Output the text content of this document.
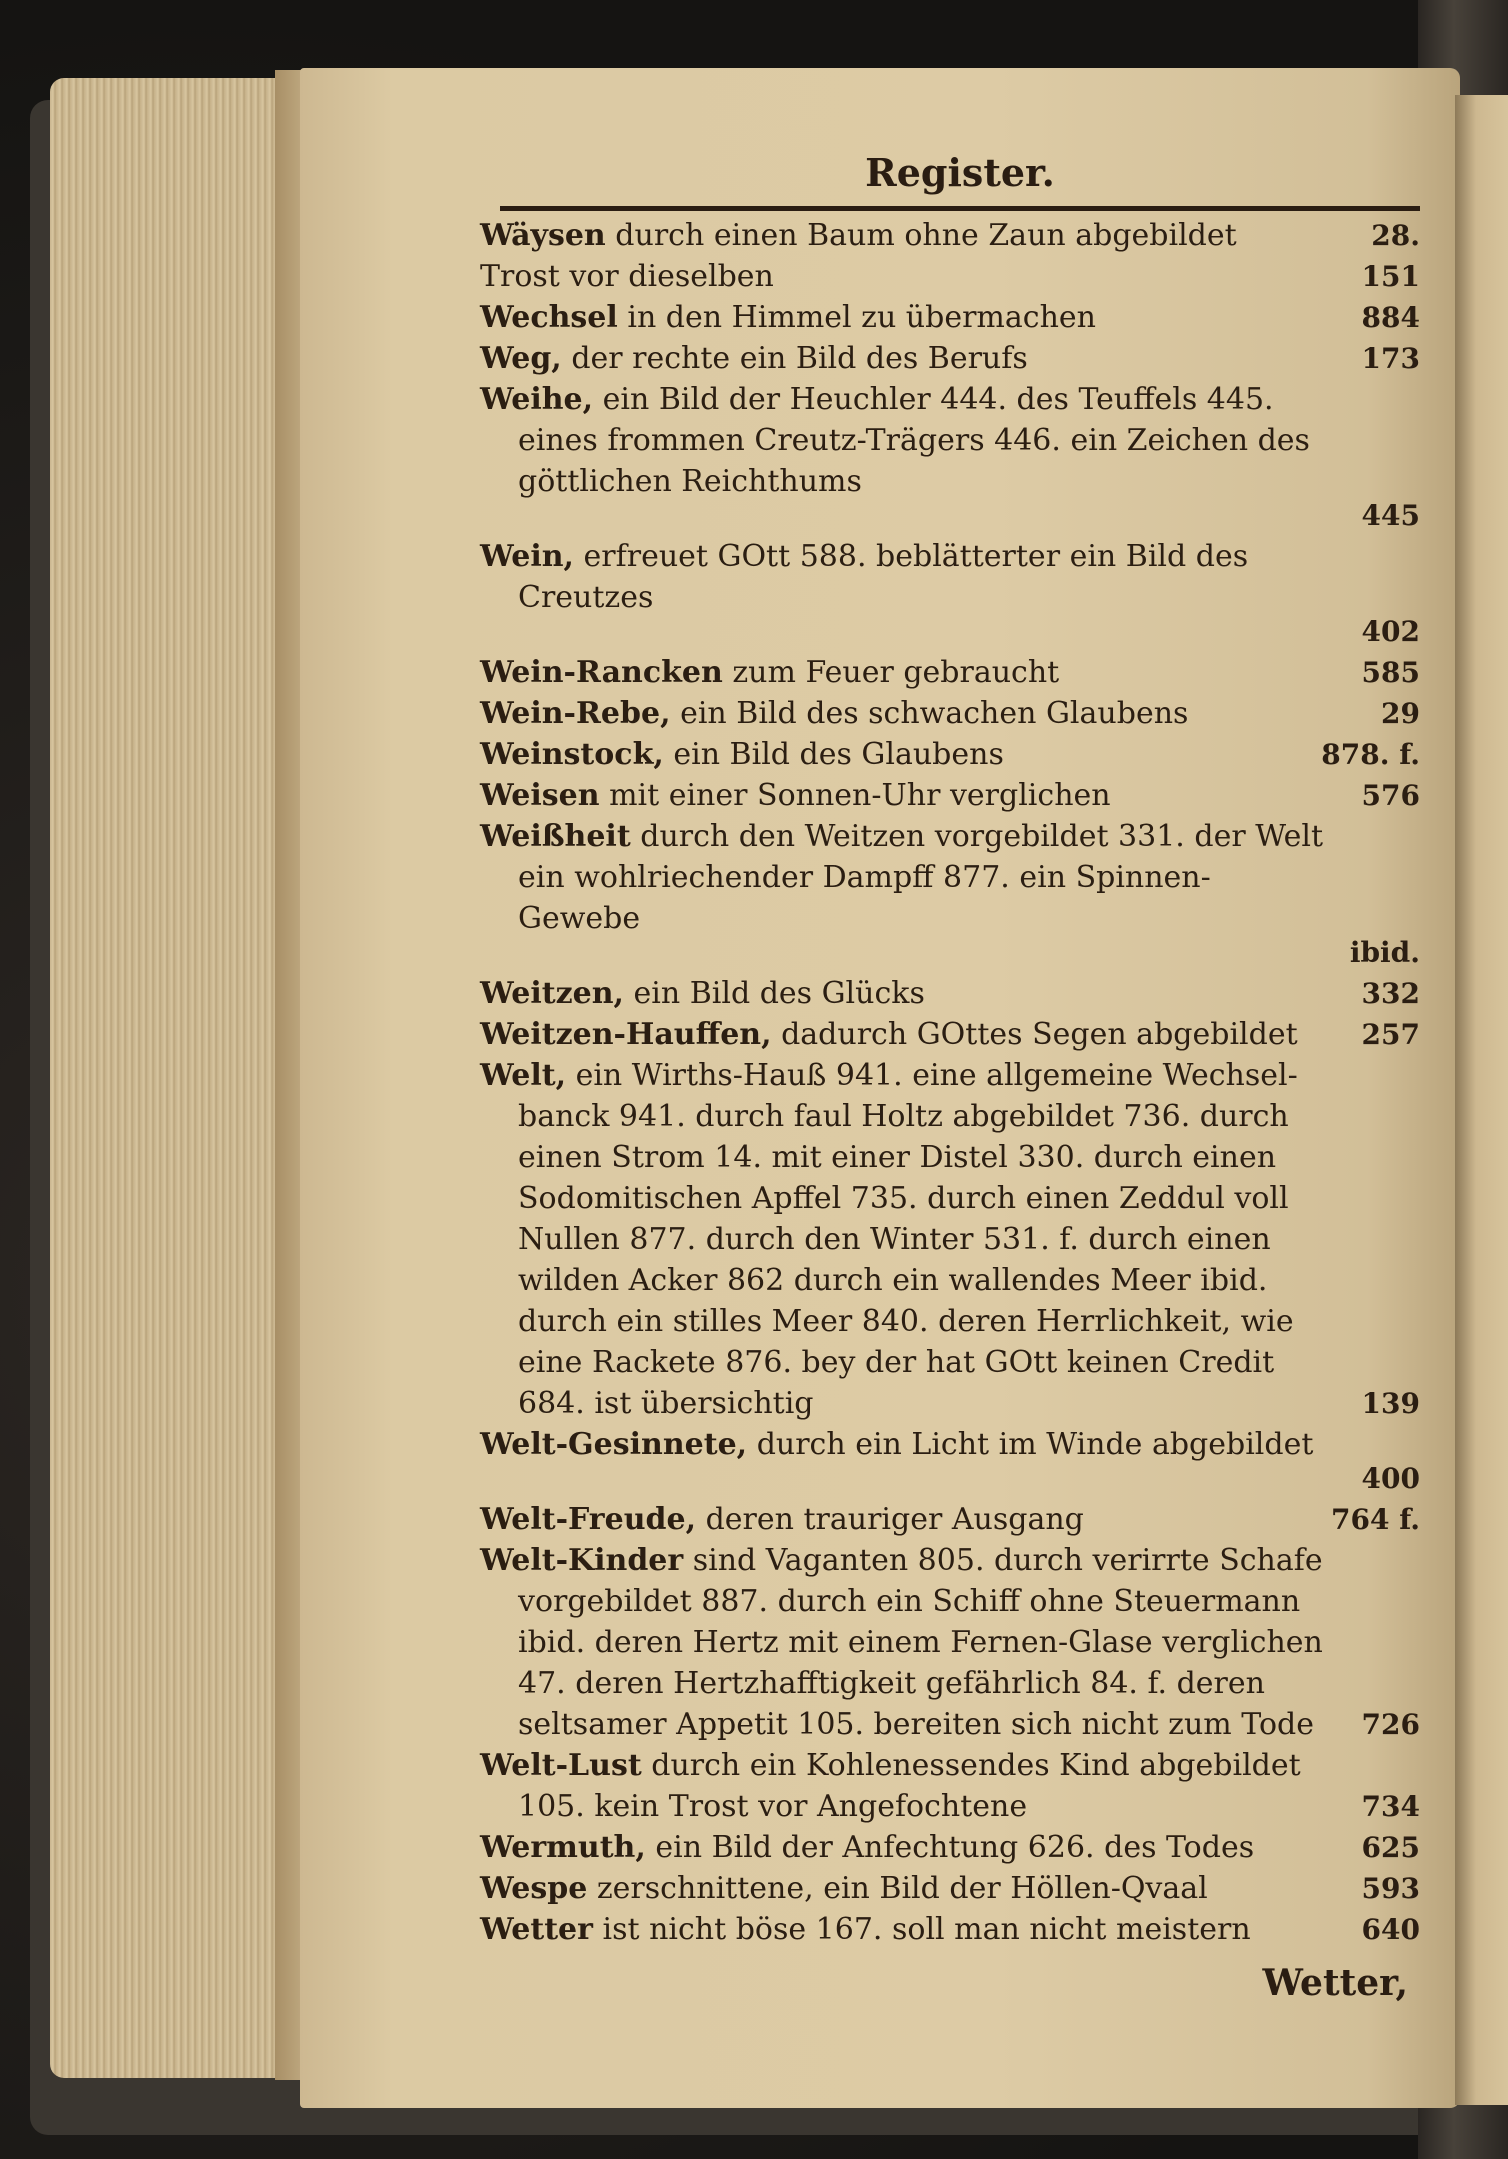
Register.
Wäysen durch einen Baum ohne Zaun abgebildet	28.
Trost vor dieselben	151
Wechsel in den Himmel zu übermachen	884
Weg, der rechte ein Bild des Berufs	173
Weihe, ein Bild der Heuchler 444. des Teuffels 445. eines frommen Creutz-Trägers 446. ein Zeichen des göttlichen Reichthums
445
Wein, erfreuet GOtt 588. beblätterter ein Bild des Creutzes
402
Wein-Rancken zum Feuer gebraucht	585
Wein-Rebe, ein Bild des schwachen Glaubens	29
Weinstock, ein Bild des Glaubens	878. f.
Weisen mit einer Sonnen-Uhr verglichen	576
Weißheit durch den Weitzen vorgebildet 331. der Welt ein wohlriechender Dampff 877. ein Spinnen-Gewebe
ibid.
Weitzen, ein Bild des Glücks	332
Weitzen-Hauffen, dadurch GOttes Segen abgebildet	257
Welt, ein Wirths-Hauß 941. eine allgemeine Wechsel-banck 941. durch faul Holtz abgebildet 736. durch einen Strom 14. mit einer Distel 330. durch einen Sodomitischen Apffel 735. durch einen Zeddul voll Nullen 877. durch den Winter 531. f. durch einen wilden Acker 862 durch ein wallendes Meer ibid. durch ein stilles Meer 840. deren Herrlichkeit, wie eine Rackete 876. bey der hat GOtt keinen Credit 684. ist übersichtig	139
Welt-Gesinnete, durch ein Licht im Winde abgebildet
400
Welt-Freude, deren trauriger Ausgang	764 f.
Welt-Kinder sind Vaganten 805. durch verirrte Schafe vorgebildet 887. durch ein Schiff ohne Steuermann ibid. deren Hertz mit einem Fernen-Glase verglichen 47. deren Hertzhafftigkeit gefährlich 84. f. deren seltsamer Appetit 105. bereiten sich nicht zum Tode	726
Welt-Lust durch ein Kohlenessendes Kind abgebildet 105. kein Trost vor Angefochtene	734
Wermuth, ein Bild der Anfechtung 626. des Todes	625
Wespe zerschnittene, ein Bild der Höllen-Qvaal	593
Wetter ist nicht böse 167. soll man nicht meistern	640
Wetter,
